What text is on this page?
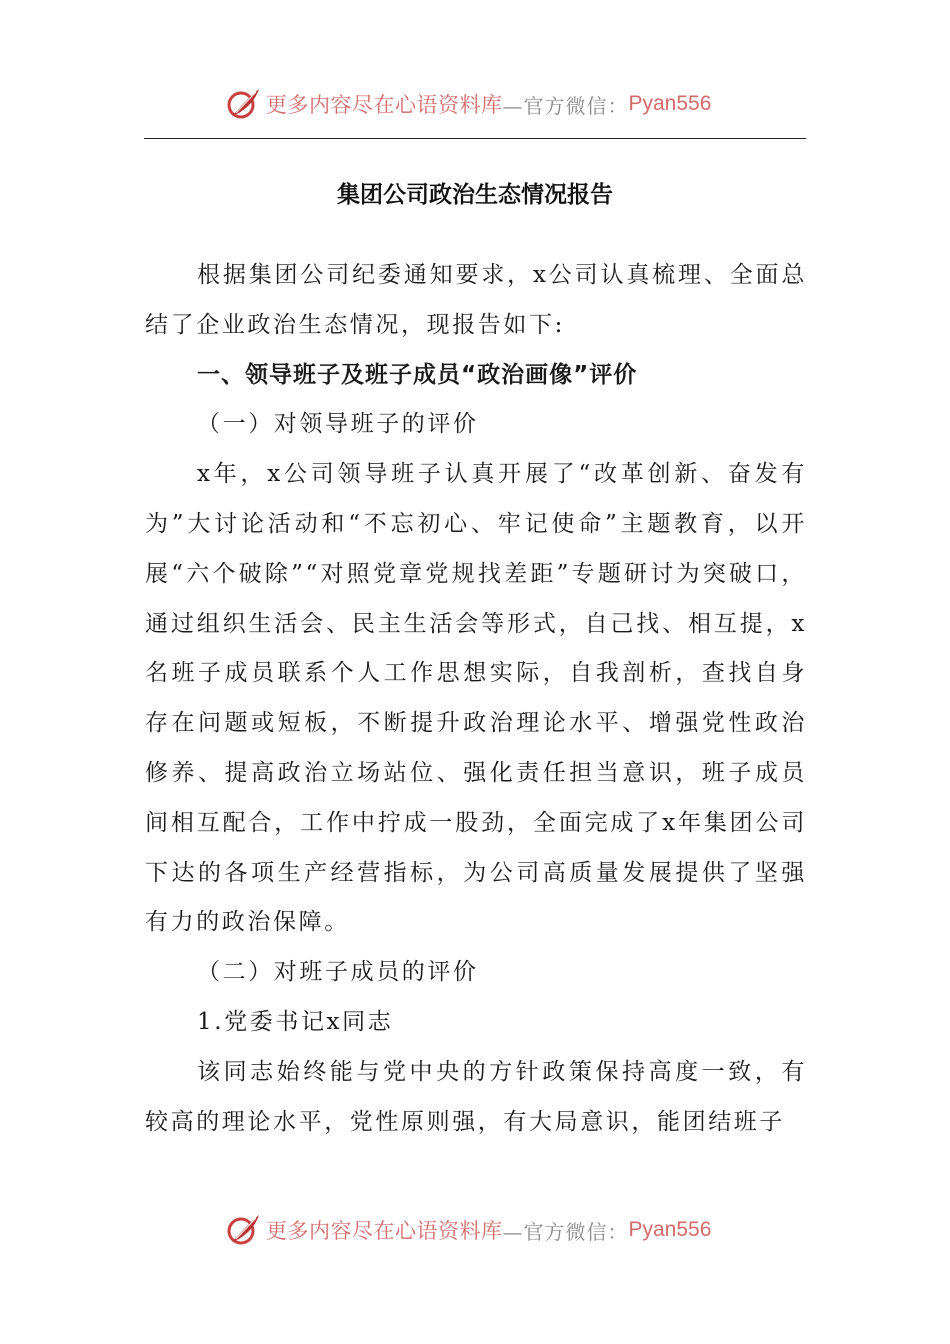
更多内容尽在心语资料库 —官方微信： Pyan556
集团公司政治生态情况报告

根据集团公司纪委通知要求，x公司认真梳理、全面总结了企业政治生态情况，现报告如下:

一、领导班子及班子成员“政治画像”评价

（一）对领导班子的评价

x年，x公司领导班子认真开展了“改革创新、奋发有为”大讨论活动和“不忘初心、牢记使命”主题教育，以开展“六个破除”“对照党章党规找差距”专题研讨为突破口，通过组织生活会、民主生活会等形式，自己找、相互提，x名班子成员联系个人工作思想实际，自我剖析，查找自身存在问题或短板，不断提升政治理论水平、增强党性政治修养、提高政治立场站位、强化责任担当意识，班子成员间相互配合，工作中拧成一股劲，全面完成了x年集团公司下达的各项生产经营指标，为公司高质量发展提供了坚强有力的政治保障。

（二）对班子成员的评价

1.党委书记x同志

该同志始终能与党中央的方针政策保持高度一致，有较高的理论水平，党性原则强，有大局意识，能团结班子

更多内容尽在心语资料库 —官方微信： Pyan556
